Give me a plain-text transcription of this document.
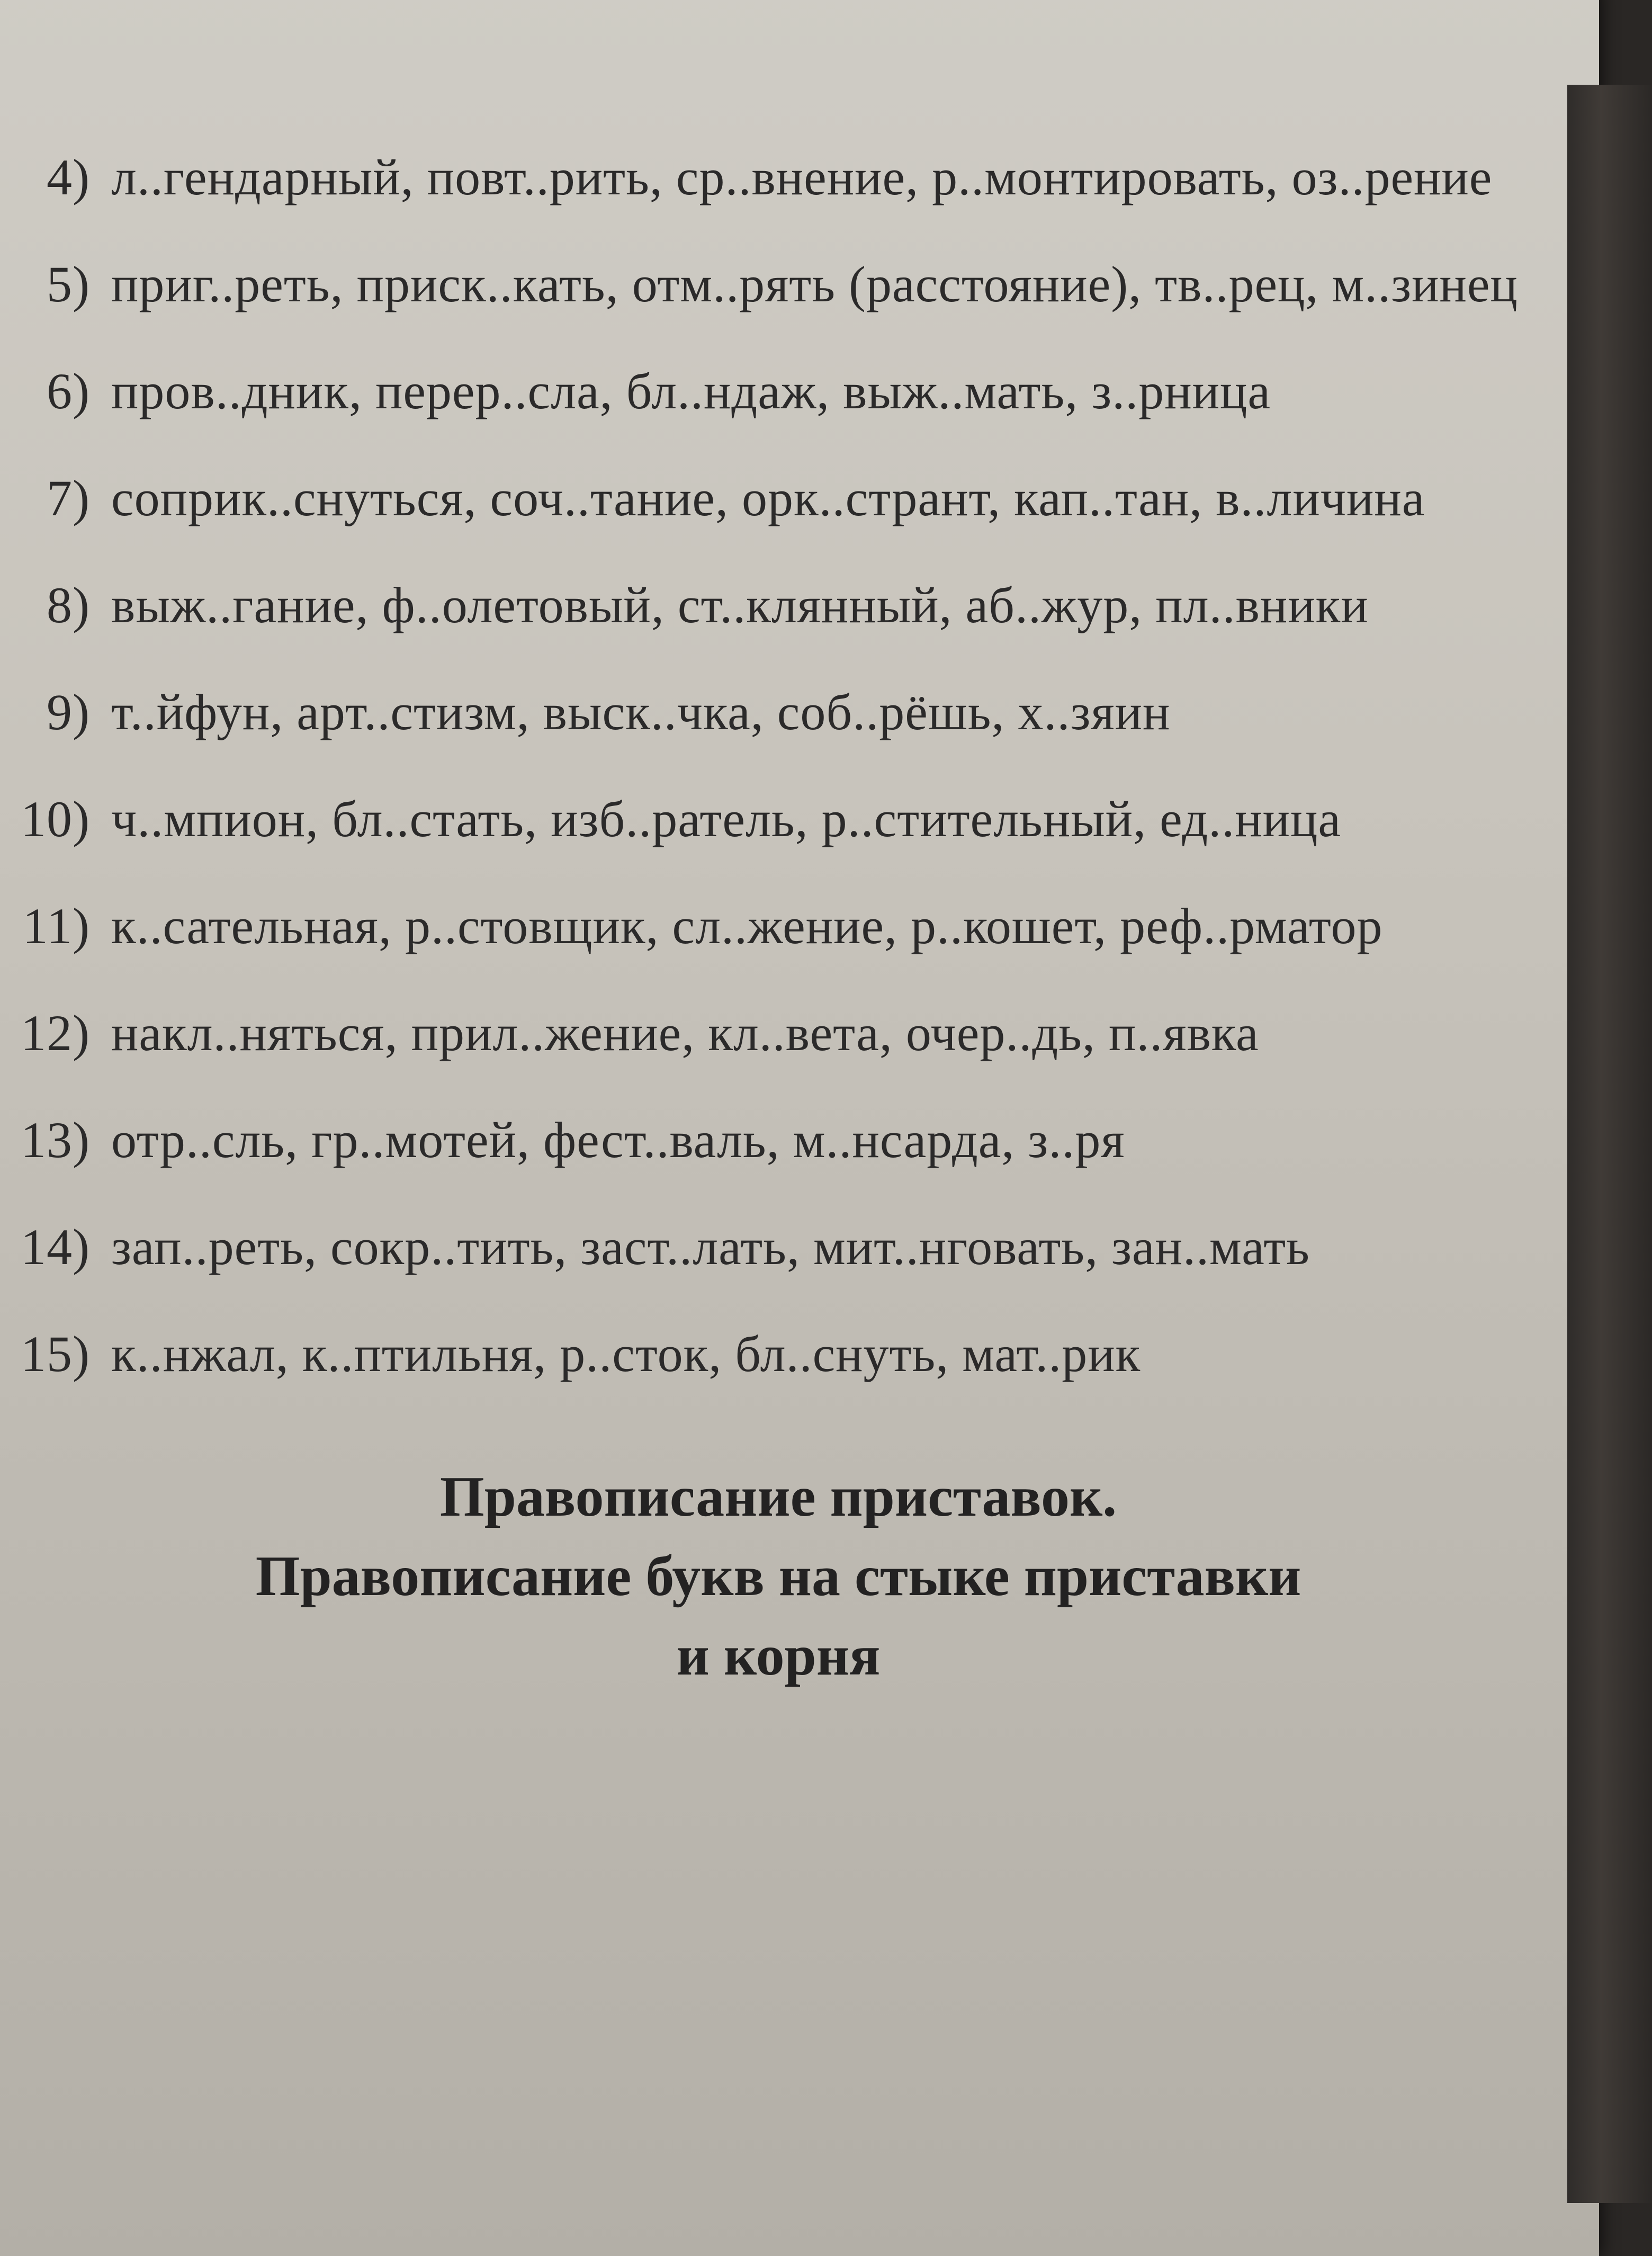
4) л..гендарный, повт..рить, ср..внение, р..монтировать, оз..рение
5) приг..реть, приск..кать, отм..рять (расстояние), тв..рец, м..зинец
6) пров..дник, перер..сла, бл..ндаж, выж..мать, з..рница
7) соприк..снуться, соч..тание, орк..странт, кап..тан, в..личина
8) выж..гание, ф..олетовый, ст..клянный, аб..жур, пл..вники
9) т..йфун, арт..стизм, выск..чка, соб..рёшь, х..зяин
10) ч..мпион, бл..стать, изб..ратель, р..стительный, ед..ница
11) к..сательная, р..стовщик, сл..жение, р..кошет, реф..рматор
12) накл..няться, прил..жение, кл..вета, очер..дь, п..явка
13) отр..сль, гр..мотей, фест..валь, м..нсарда, з..ря
14) зап..реть, сокр..тить, заст..лать, мит..нговать, зан..мать
15) к..нжал, к..птильня, р..сток, бл..снуть, мат..рик
Правописание приставок.
Правописание букв на стыке приставки
и корня
